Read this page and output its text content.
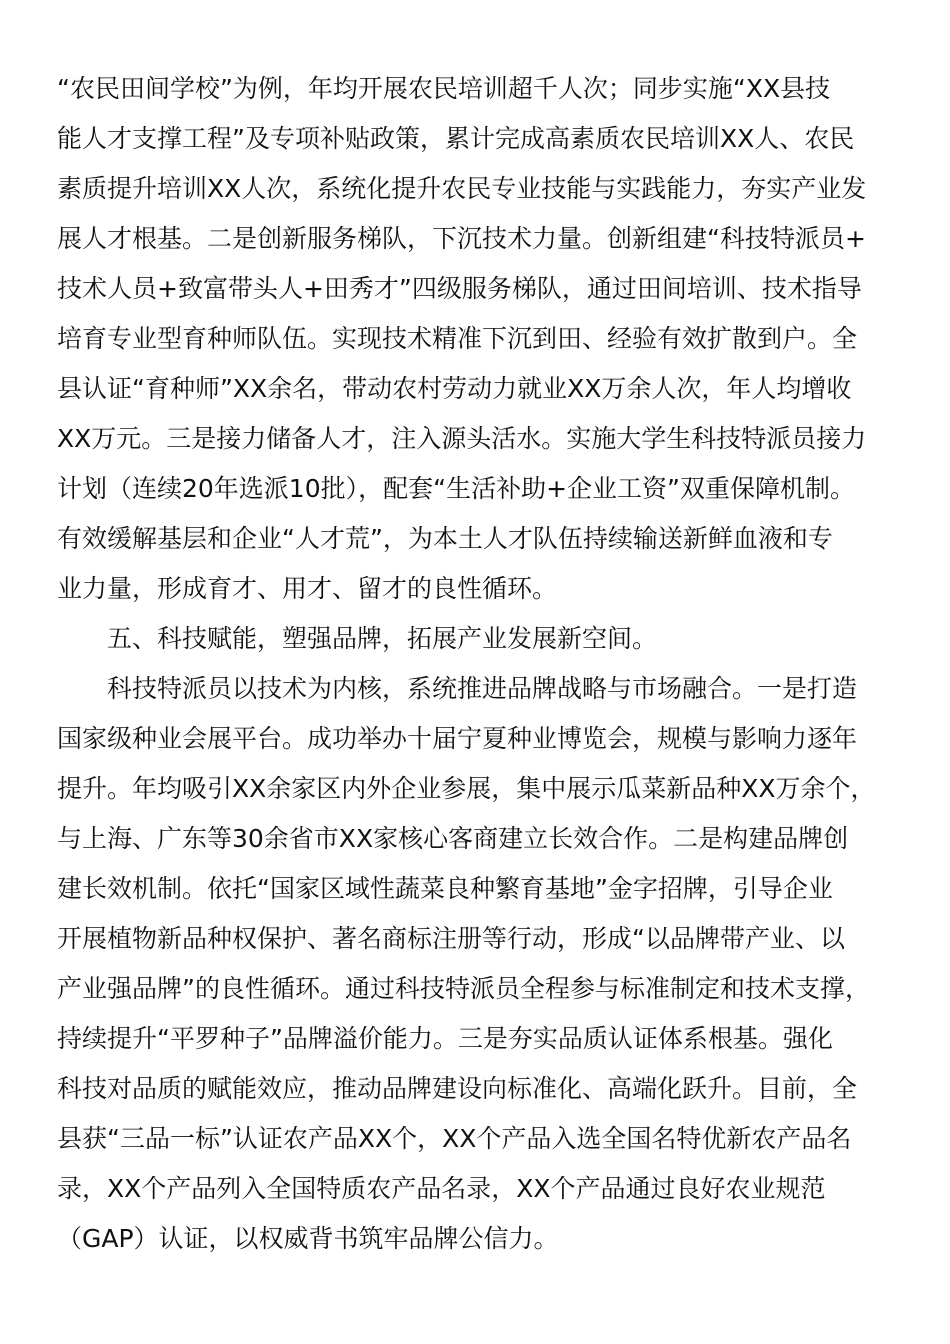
“农民田间学校”为例，年均开展农民培训超千人次；同步实施“XX县技
能人才支撑工程”及专项补贴政策，累计完成高素质农民培训XX人、农民
素质提升培训XX人次，系统化提升农民专业技能与实践能力，夯实产业发
展人才根基。二是创新服务梯队，下沉技术力量。创新组建“科技特派员+
技术人员+致富带头人+田秀才”四级服务梯队，通过田间培训、技术指导
培育专业型育种师队伍。实现技术精准下沉到田、经验有效扩散到户。全
县认证“育种师”XX余名，带动农村劳动力就业XX万余人次，年人均增收
XX万元。三是接力储备人才，注入源头活水。实施大学生科技特派员接力
计划（连续20年选派10批），配套“生活补助+企业工资”双重保障机制。
有效缓解基层和企业“人才荒”，为本土人才队伍持续输送新鲜血液和专
业力量，形成育才、用才、留才的良性循环。
五、科技赋能，塑强品牌，拓展产业发展新空间。
科技特派员以技术为内核，系统推进品牌战略与市场融合。一是打造
国家级种业会展平台。成功举办十届宁夏种业博览会，规模与影响力逐年
提升。年均吸引XX余家区内外企业参展，集中展示瓜菜新品种XX万余个，
与上海、广东等30余省市XX家核心客商建立长效合作。二是构建品牌创
建长效机制。依托“国家区域性蔬菜良种繁育基地”金字招牌，引导企业
开展植物新品种权保护、著名商标注册等行动，形成“以品牌带产业、以
产业强品牌”的良性循环。通过科技特派员全程参与标准制定和技术支撑，
持续提升“平罗种子”品牌溢价能力。三是夯实品质认证体系根基。强化
科技对品质的赋能效应，推动品牌建设向标准化、高端化跃升。目前，全
县获“三品一标”认证农产品XX个，XX个产品入选全国名特优新农产品名
录，XX个产品列入全国特质农产品名录，XX个产品通过良好农业规范
（GAP）认证，以权威背书筑牢品牌公信力。
